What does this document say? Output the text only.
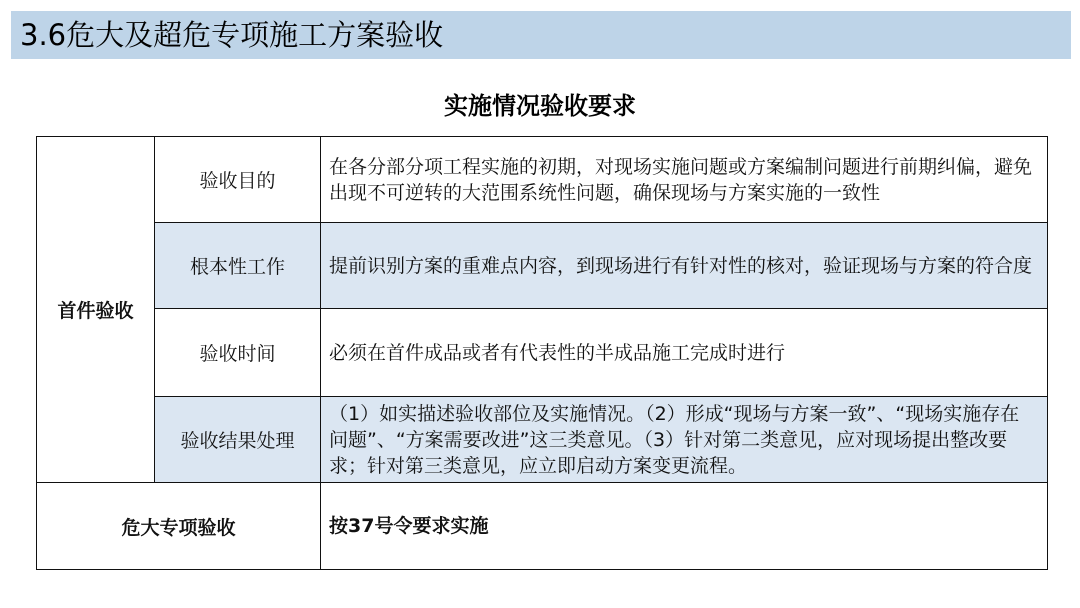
3.6危大及超危专项施工方案验收
实施情况验收要求
首件验收	验收目的	在各分部分项工程实施的初期，对现场实施问题或方案编制问题进行前期纠偏，避免出现不可逆转的大范围系统性问题，确保现场与方案实施的一致性
	根本性工作	提前识别方案的重难点内容，到现场进行有针对性的核对，验证现场与方案的符合度
	验收时间	必须在首件成品或者有代表性的半成品施工完成时进行
	验收结果处理	（1）如实描述验收部位及实施情况。（2）形成“现场与方案一致”、“现场实施存在问题”、“方案需要改进”这三类意见。（3）针对第二类意见，应对现场提出整改要求；针对第三类意见，应立即启动方案变更流程。
危大专项验收		按37号令要求实施
